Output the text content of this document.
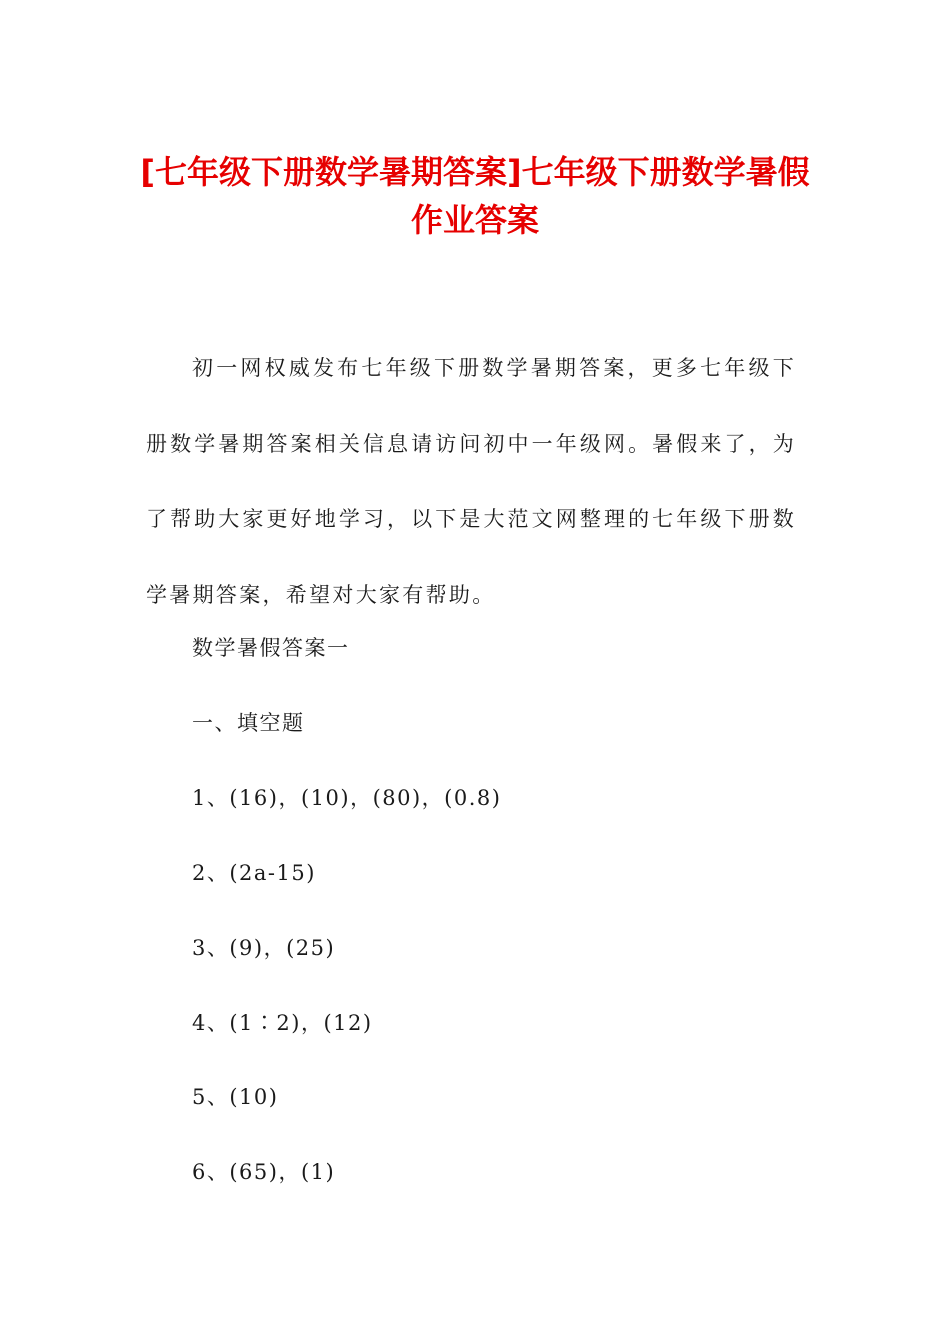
[七年级下册数学暑期答案]七年级下册数学暑假作业答案

初一网权威发布七年级下册数学暑期答案，更多七年级下册数学暑期答案相关信息请访问初中一年级网。暑假来了，为了帮助大家更好地学习，以下是大范文网整理的七年级下册数学暑期答案，希望对大家有帮助。

数学暑假答案一

一、填空题

1、(16)，(10)，(80)，(0.8)

2、(2a-15)

3、(9)，(25)

4、(1∶2)，(12)

5、(10)

6、(65)，(1)
